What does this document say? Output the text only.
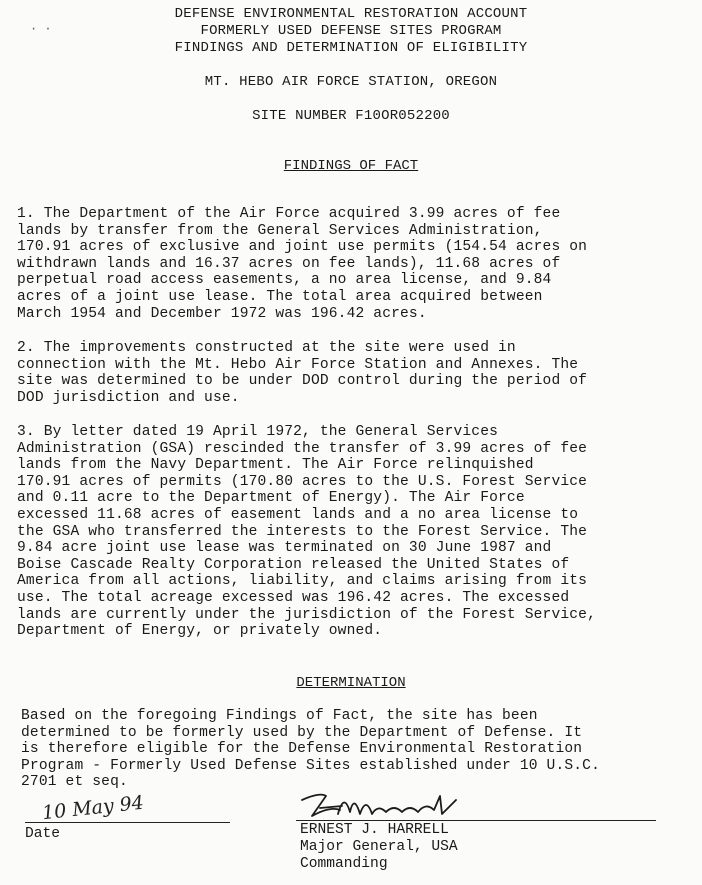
· ·
DEFENSE ENVIRONMENTAL RESTORATION ACCOUNT
FORMERLY USED DEFENSE SITES PROGRAM
FINDINGS AND DETERMINATION OF ELIGIBILITY
MT. HEBO AIR FORCE STATION, OREGON
SITE NUMBER F10OR052200
FINDINGS OF FACT

1. The Department of the Air Force acquired 3.99 acres of fee
lands by transfer from the General Services Administration,
170.91 acres of exclusive and joint use permits (154.54 acres on
withdrawn lands and 16.37 acres on fee lands), 11.68 acres of
perpetual road access easements, a no area license, and 9.84
acres of a joint use lease. The total area acquired between
March 1954 and December 1972 was 196.42 acres.

2. The improvements constructed at the site were used in
connection with the Mt. Hebo Air Force Station and Annexes. The
site was determined to be under DOD control during the period of
DOD jurisdiction and use.

3. By letter dated 19 April 1972, the General Services
Administration (GSA) rescinded the transfer of 3.99 acres of fee
lands from the Navy Department. The Air Force relinquished
170.91 acres of permits (170.80 acres to the U.S. Forest Service
and 0.11 acre to the Department of Energy). The Air Force
excessed 11.68 acres of easement lands and a no area license to
the GSA who transferred the interests to the Forest Service. The
9.84 acre joint use lease was terminated on 30 June 1987 and
Boise Cascade Realty Corporation released the United States of
America from all actions, liability, and claims arising from its
use. The total acreage excessed was 196.42 acres. The excessed
lands are currently under the jurisdiction of the Forest Service,
Department of Energy, or privately owned.

DETERMINATION

Based on the foregoing Findings of Fact, the site has been
determined to be formerly used by the Department of Defense. It
is therefore eligible for the Defense Environmental Restoration
Program - Formerly Used Defense Sites established under 10 U.S.C.
2701 et seq.

10 May 94
Date	ERNEST J. HARRELL
Major General, USA
Commanding
